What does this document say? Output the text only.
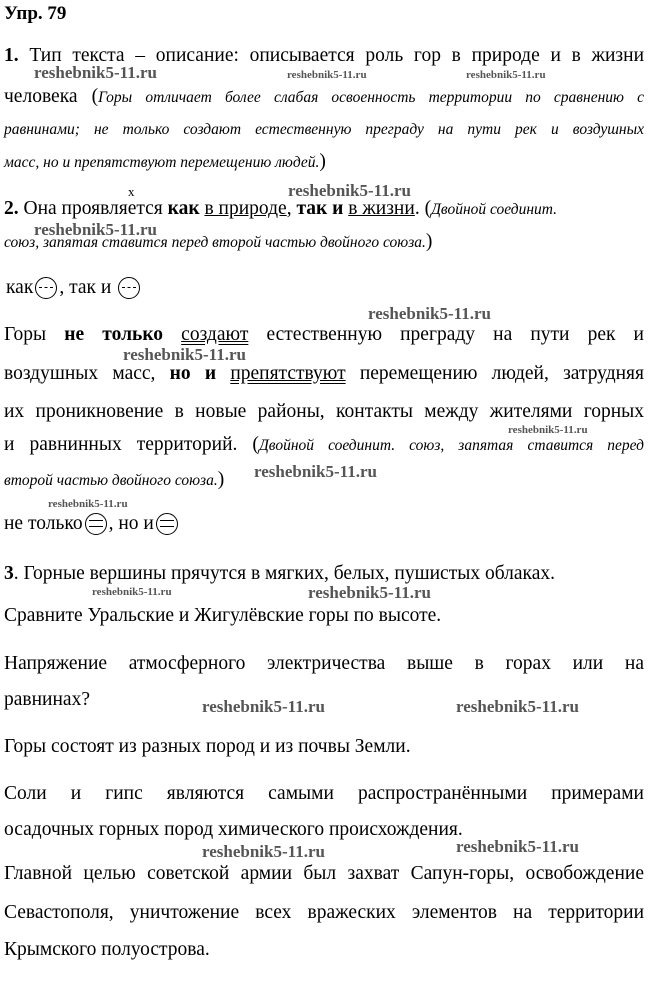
Упр. 79
1. Тип текста – описание: описывается роль гор в природе и в жизни
человека (Горы отличает более слабая освоенность территории по сравнению с
равнинами; не только создают естественную преграду на пути рек и воздушных
масс, но и препятствуют перемещению людей.)
х
2. Она проявляется как в природе, так и в жизни. (Двойной соединит.
союз, запятая ставится перед второй частью двойного союза.)
как , так и

Горы не только создают естественную преграду на пути рек и
воздушных масс, но и препятствуют перемещению людей, затрудняя
их проникновение в новые районы, контакты между жителями горных
и равнинных территорий. (Двойной соединит. союз, запятая ставится перед
второй частью двойного союза.)
не только , но и
3. Горные вершины прячутся в мягких, белых, пушистых облаках.
Сравните Уральские и Жигулёвские горы по высоте.
Напряжение атмосферного электричества выше в горах или на
равнинах?
Горы состоят из разных пород и из почвы Земли.
Соли и гипс являются самыми распространёнными примерами
осадочных горных пород химического происхождения.
Главной целью советской армии был захват Сапун-горы, освобождение
Севастополя, уничтожение всех вражеских элементов на территории
Крымского полуострова.
reshebnik5-11.ru	reshebnik5-11.ru	reshebnik5-11.ru
reshebnik5-11.ru
reshebnik5-11.ru
reshebnik5-11.ru
reshebnik5-11.ru
reshebnik5-11.ru
reshebnik5-11.ru
reshebnik5-11.ru
reshebnik5-11.ru	reshebnik5-11.ru
reshebnik5-11.ru	reshebnik5-11.ru
reshebnik5-11.ru	reshebnik5-11.ru
